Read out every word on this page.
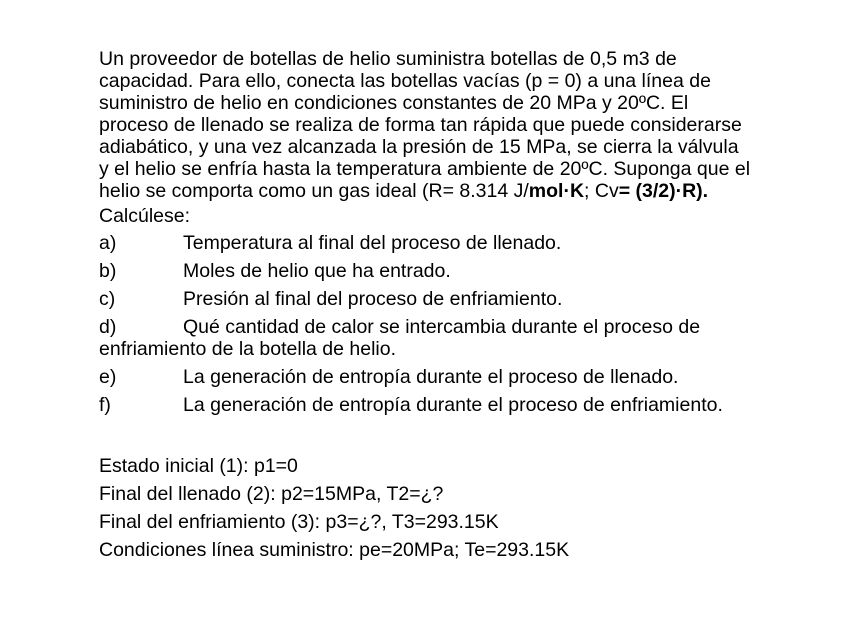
Un proveedor de botellas de helio suministra botellas de 0,5 m3 de

capacidad. Para ello, conecta las botellas vacías (p = 0) a una línea de

suministro de helio en condiciones constantes de 20 MPa y 20ºC. El

proceso de llenado se realiza de forma tan rápida que puede considerarse

adiabático, y una vez alcanzada la presión de 15 MPa, se cierra la válvula

y el helio se enfría hasta la temperatura ambiente de 20ºC. Suponga que el

helio se comporta como un gas ideal (R= 8.314 J/mol·K; Cv= (3/2)·R).

Calcúlese:

a)	Temperatura al final del proceso de llenado.
b)	Moles de helio que ha entrado.
c)	Presión al final del proceso de enfriamiento.
d)	Qué cantidad de calor se intercambia durante el proceso de
enfriamiento de la botella de helio.
e)	La generación de entropía durante el proceso de llenado.
f)	La generación de entropía durante el proceso de enfriamiento.

Estado inicial (1): p1=0

Final del llenado (2): p2=15MPa, T2=¿?

Final del enfriamiento (3): p3=¿?, T3=293.15K

Condiciones línea suministro: pe=20MPa; Te=293.15K
